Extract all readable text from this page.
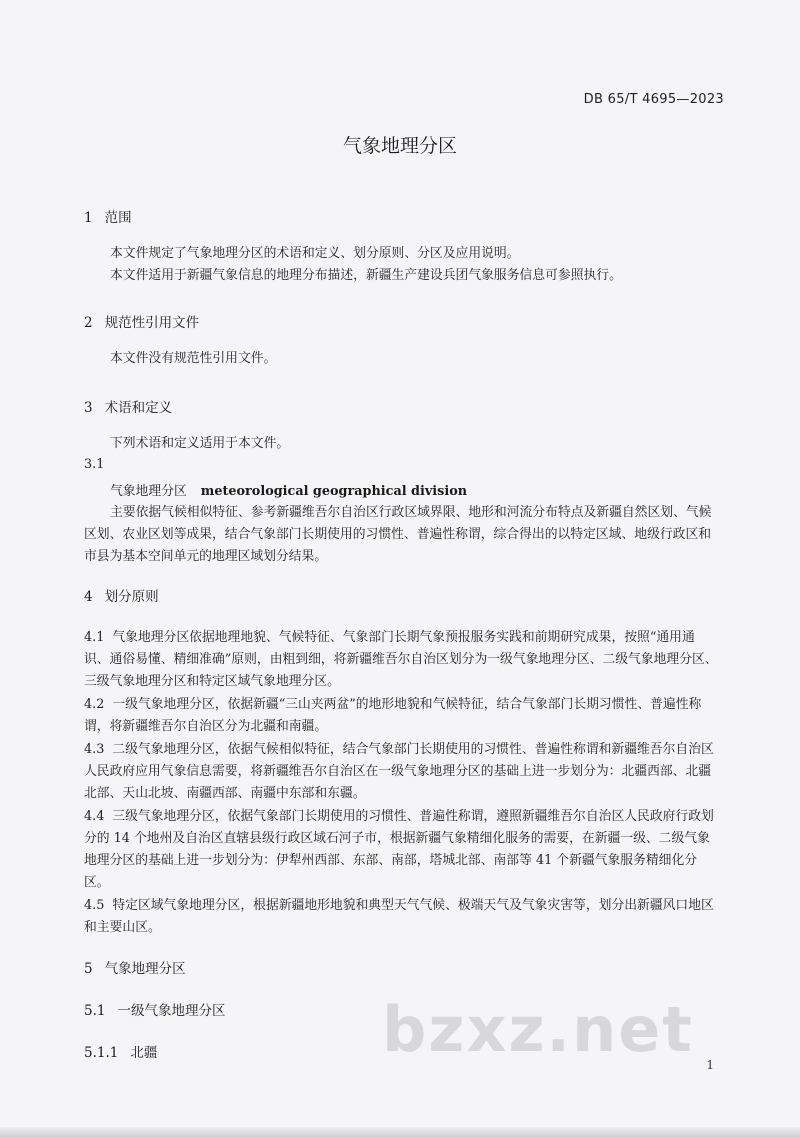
DB 65/T 4695—2023
气象地理分区
1 范围
本文件规定了气象地理分区的术语和定义、划分原则、分区及应用说明。
本文件适用于新疆气象信息的地理分布描述，新疆生产建设兵团气象服务信息可参照执行。
2 规范性引用文件
本文件没有规范性引用文件。
3 术语和定义
下列术语和定义适用于本文件。
3.1
气象地理分区 meteorological geographical division
主要依据气候相似特征、参考新疆维吾尔自治区行政区域界限、地形和河流分布特点及新疆自然区划、气候区划、农业区划等成果，结合气象部门长期使用的习惯性、普遍性称谓，综合得出的以特定区域、地级行政区和市县为基本空间单元的地理区域划分结果。
4 划分原则
4.1 气象地理分区依据地理地貌、气候特征、气象部门长期气象预报服务实践和前期研究成果，按照“通用通识、通俗易懂、精细准确”原则，由粗到细，将新疆维吾尔自治区划分为一级气象地理分区、二级气象地理分区、三级气象地理分区和特定区域气象地理分区。
4.2 一级气象地理分区，依据新疆“三山夹两盆”的地形地貌和气候特征，结合气象部门长期习惯性、普遍性称谓，将新疆维吾尔自治区分为北疆和南疆。
4.3 二级气象地理分区，依据气候相似特征，结合气象部门长期使用的习惯性、普遍性称谓和新疆维吾尔自治区人民政府应用气象信息需要，将新疆维吾尔自治区在一级气象地理分区的基础上进一步划分为：北疆西部、北疆北部、天山北坡、南疆西部、南疆中东部和东疆。
4.4 三级气象地理分区，依据气象部门长期使用的习惯性、普遍性称谓，遵照新疆维吾尔自治区人民政府行政划分的 14 个地州及自治区直辖县级行政区域石河子市，根据新疆气象精细化服务的需要，在新疆一级、二级气象地理分区的基础上进一步划分为：伊犁州西部、东部、南部，塔城北部、南部等 41 个新疆气象服务精细化分区。
4.5 特定区域气象地理分区，根据新疆地形地貌和典型天气气候、极端天气及气象灾害等，划分出新疆风口地区和主要山区。
5 气象地理分区
5.1 一级气象地理分区
5.1.1 北疆	bzxz.net 1
